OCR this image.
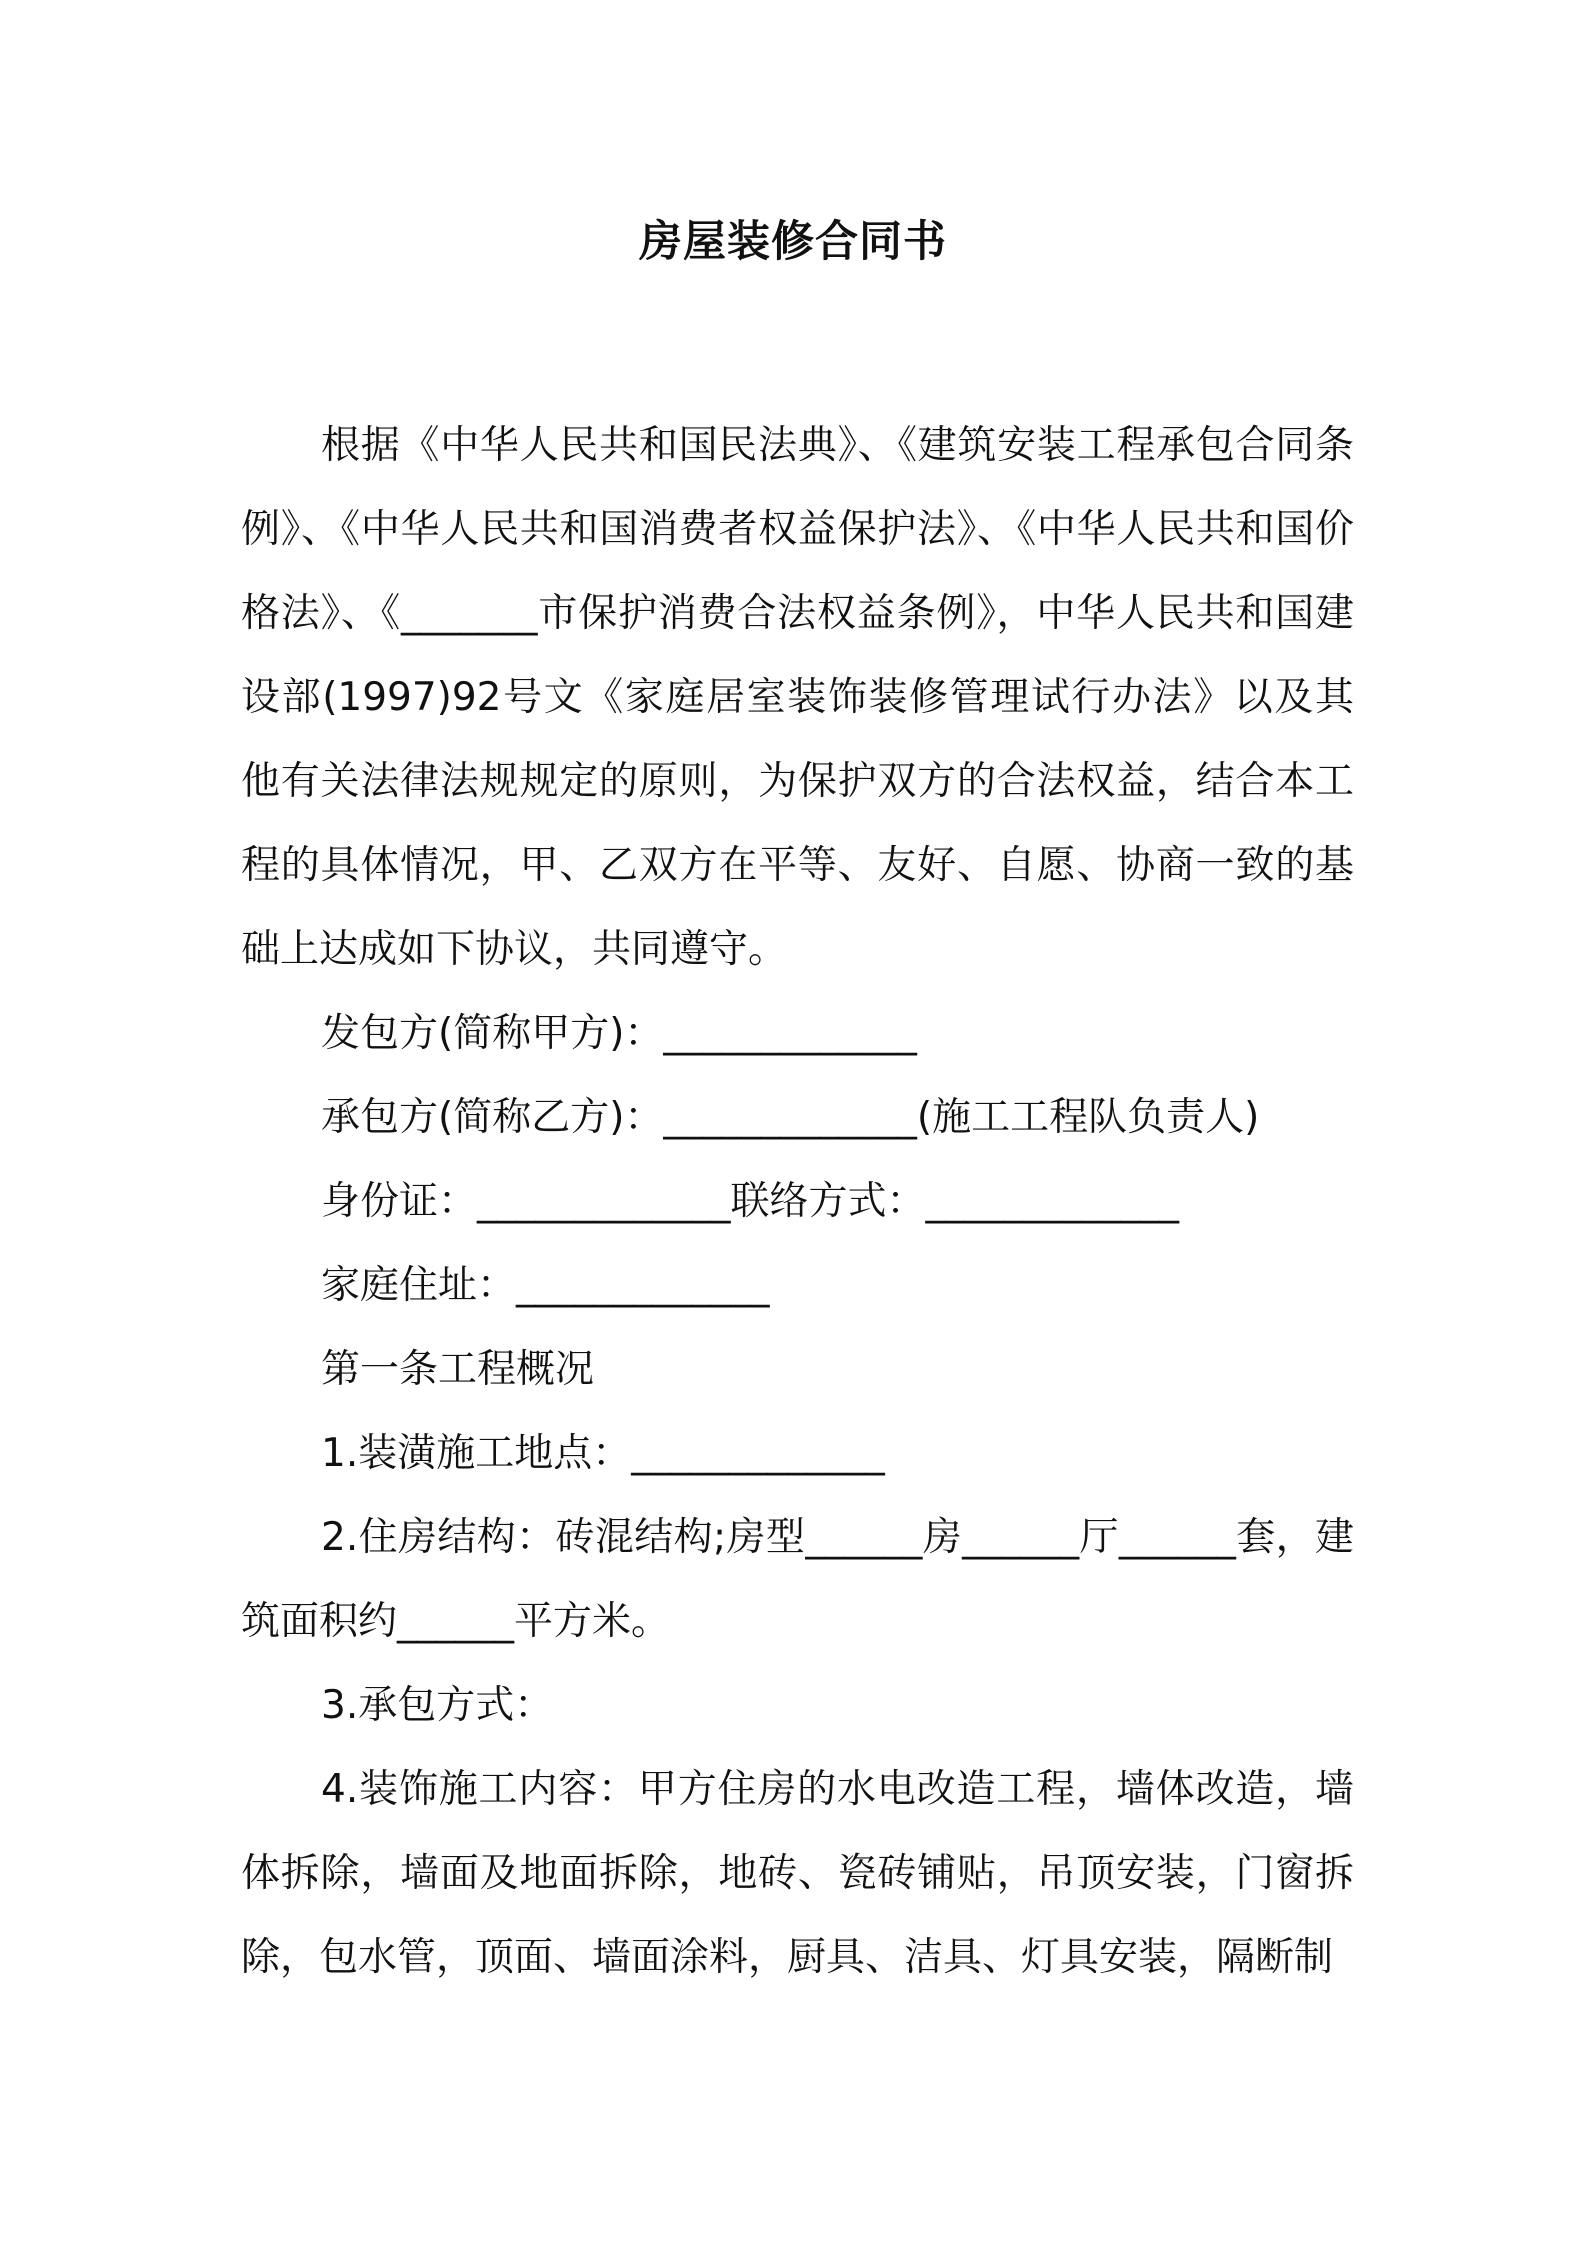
房屋装修合同书

根据《中华人民共和国民法典》、《建筑安装工程承包合同条例》、《中华人民共和国消费者权益保护法》、《中华人民共和国价格法》、《_______市保护消费合法权益条例》，中华人民共和国建设部(1997)92号文《家庭居室装饰装修管理试行办法》以及其他有关法律法规规定的原则，为保护双方的合法权益，结合本工程的具体情况，甲、乙双方在平等、友好、自愿、协商一致的基础上达成如下协议，共同遵守。

发包方(简称甲方)：_____________

承包方(简称乙方)：_____________(施工工程队负责人)

身份证：_____________联络方式：_____________

家庭住址：_____________

第一条工程概况

1.装潢施工地点：_____________

2.住房结构：砖混结构;房型______房______厅______套，建筑面积约______平方米。

3.承包方式：

4.装饰施工内容：甲方住房的水电改造工程，墙体改造，墙体拆除，墙面及地面拆除，地砖、瓷砖铺贴，吊顶安装，门窗拆除，包水管，顶面、墙面涂料，厨具、洁具、灯具安装，隔断制
